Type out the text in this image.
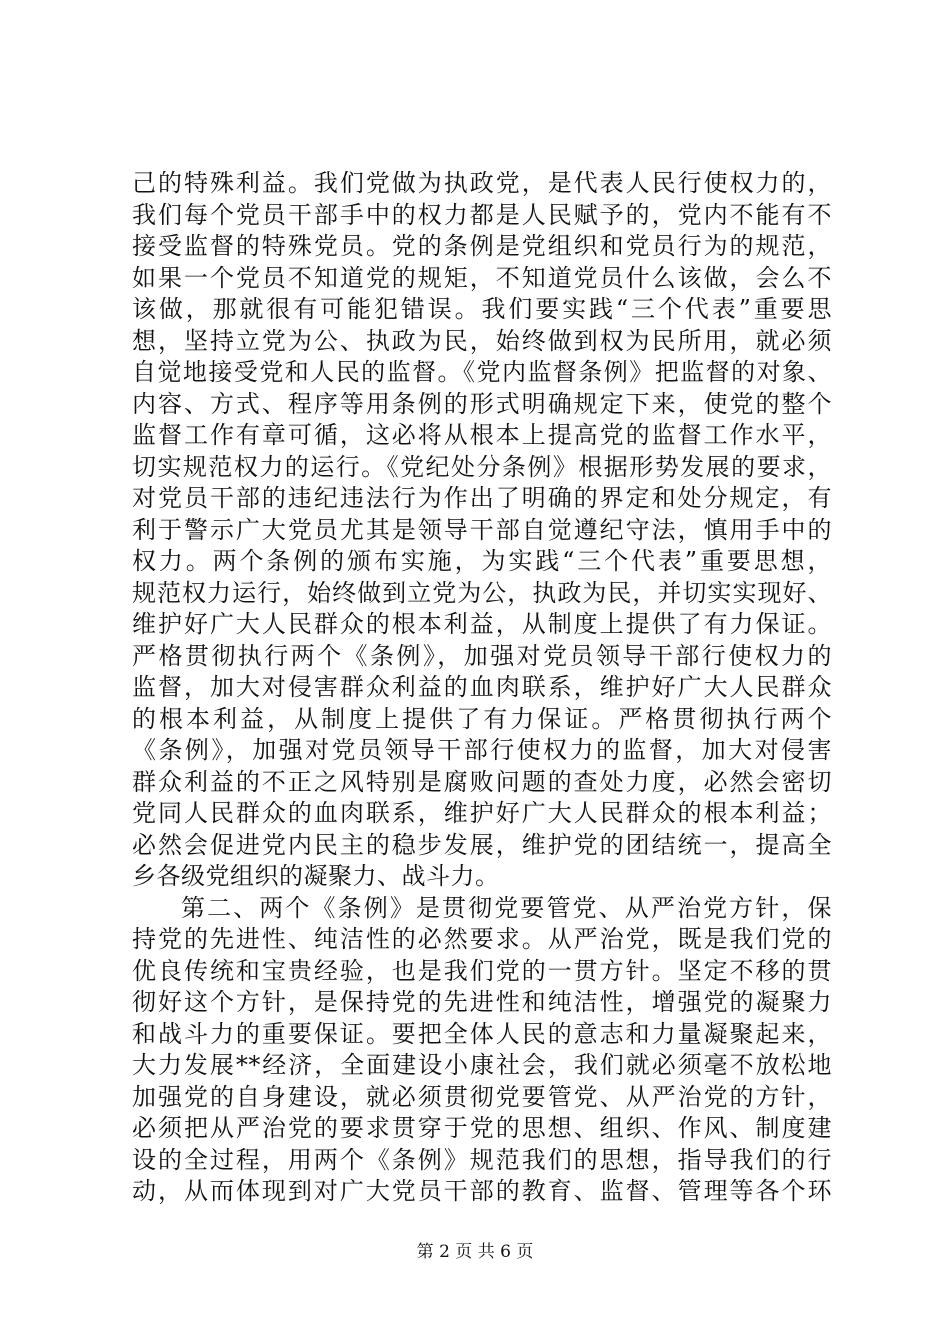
己的特殊利益。我们党做为执政党，是代表人民行使权力的，
我们每个党员干部手中的权力都是人民赋予的，党内不能有不
接受监督的特殊党员。党的条例是党组织和党员行为的规范，
如果一个党员不知道党的规矩，不知道党员什么该做，会么不
该做，那就很有可能犯错误。我们要实践“三个代表”重要思
想，坚持立党为公、执政为民，始终做到权为民所用，就必须
自觉地接受党和人民的监督。《党内监督条例》把监督的对象、
内容、方式、程序等用条例的形式明确规定下来，使党的整个
监督工作有章可循，这必将从根本上提高党的监督工作水平，
切实规范权力的运行。《党纪处分条例》根据形势发展的要求，
对党员干部的违纪违法行为作出了明确的界定和处分规定，有
利于警示广大党员尤其是领导干部自觉遵纪守法，慎用手中的
权力。两个条例的颁布实施，为实践“三个代表”重要思想，
规范权力运行，始终做到立党为公，执政为民，并切实实现好、
维护好广大人民群众的根本利益，从制度上提供了有力保证。
严格贯彻执行两个《条例》，加强对党员领导干部行使权力的
监督，加大对侵害群众利益的血肉联系，维护好广大人民群众
的根本利益，从制度上提供了有力保证。严格贯彻执行两个
《条例》，加强对党员领导干部行使权力的监督，加大对侵害
群众利益的不正之风特别是腐败问题的查处力度，必然会密切
党同人民群众的血肉联系，维护好广大人民群众的根本利益；
必然会促进党内民主的稳步发展，维护党的团结统一，提高全
乡各级党组织的凝聚力、战斗力。
第二、两个《条例》是贯彻党要管党、从严治党方针，保
持党的先进性、纯洁性的必然要求。从严治党，既是我们党的
优良传统和宝贵经验，也是我们党的一贯方针。坚定不移的贯
彻好这个方针，是保持党的先进性和纯洁性，增强党的凝聚力
和战斗力的重要保证。要把全体人民的意志和力量凝聚起来，
大力发展**经济，全面建设小康社会，我们就必须毫不放松地
加强党的自身建设，就必须贯彻党要管党、从严治党的方针，
必须把从严治党的要求贯穿于党的思想、组织、作风、制度建
设的全过程，用两个《条例》规范我们的思想，指导我们的行
动，从而体现到对广大党员干部的教育、监督、管理等各个环
第 2 页 共 6 页
